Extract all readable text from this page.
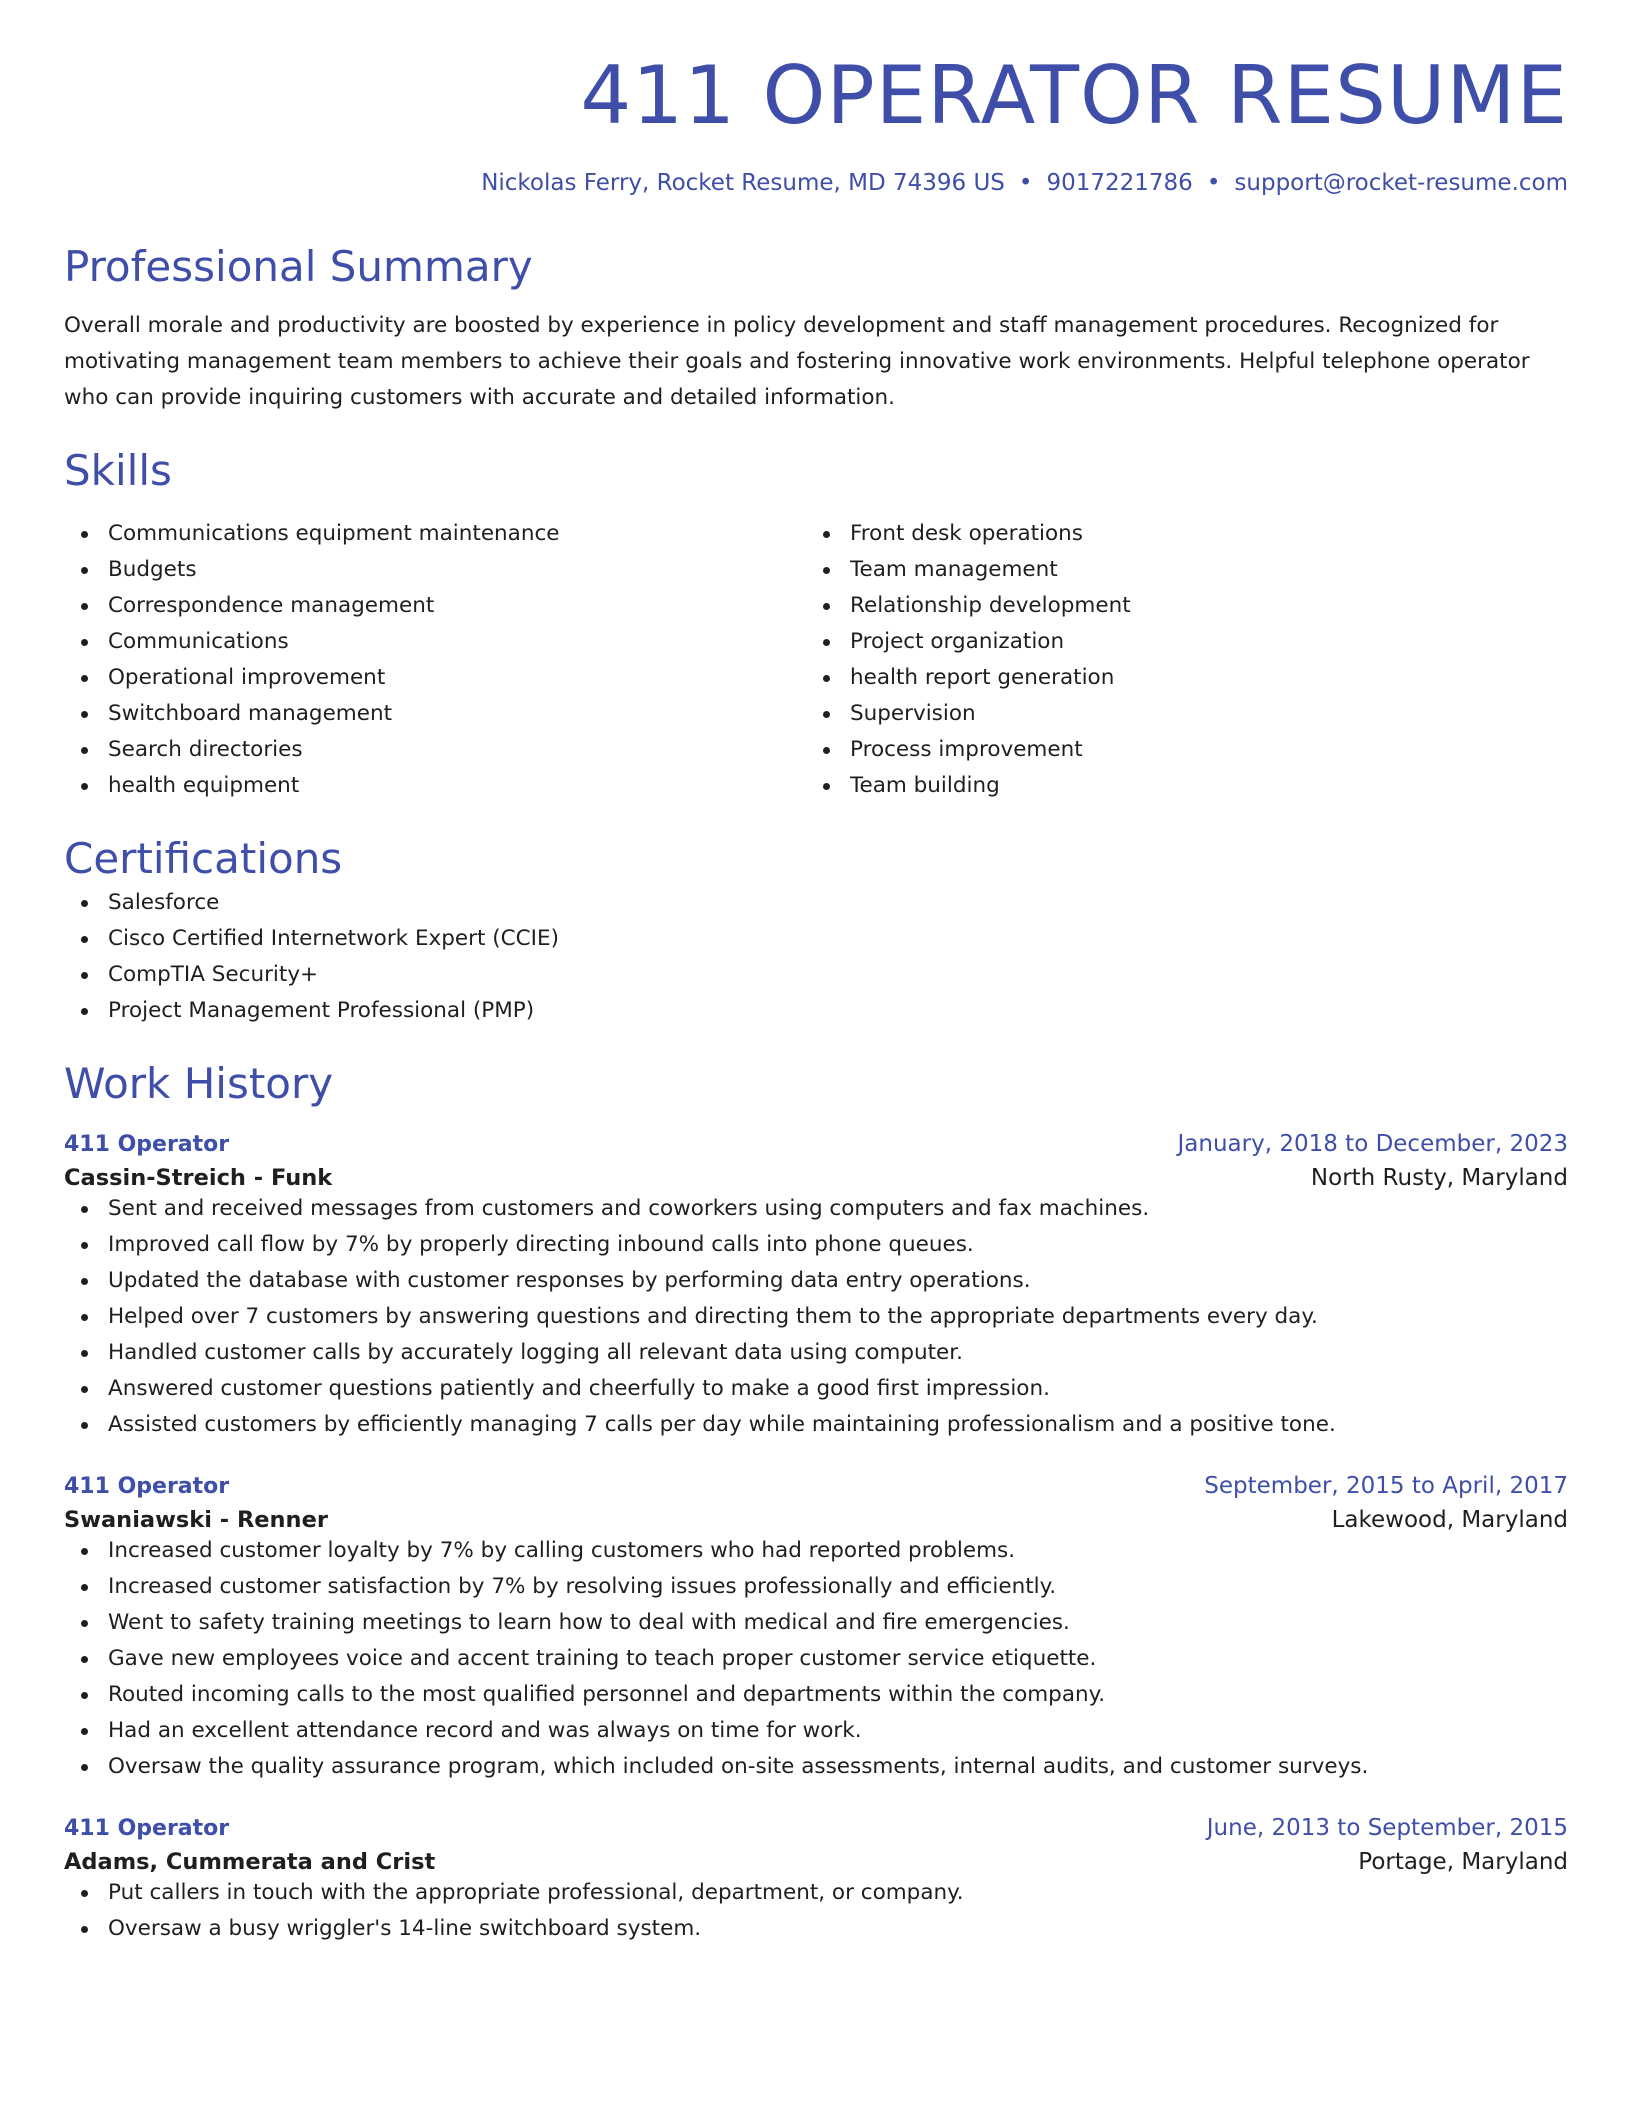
411 OPERATOR RESUME
Nickolas Ferry, Rocket Resume, MD 74396 US • 9017221786 • support@rocket-resume.com
Professional Summary

Overall morale and productivity are boosted by experience in policy development and staff management procedures. Recognized for motivating management team members to achieve their goals and fostering innovative work environments. Helpful telephone operator who can provide inquiring customers with accurate and detailed information.

Skills
Communications equipment maintenance
Budgets
Correspondence management
Communications
Operational improvement
Switchboard management
Search directories
health equipment
Front desk operations
Team management
Relationship development
Project organization
health report generation
Supervision
Process improvement
Team building
Certifications
Salesforce
Cisco Certified Internetwork Expert (CCIE)
CompTIA Security+
Project Management Professional (PMP)
Work History
411 Operator	January, 2018 to December, 2023
Cassin-Streich - Funk	North Rusty, Maryland
Sent and received messages from customers and coworkers using computers and fax machines.
Improved call flow by 7% by properly directing inbound calls into phone queues.
Updated the database with customer responses by performing data entry operations.
Helped over 7 customers by answering questions and directing them to the appropriate departments every day.
Handled customer calls by accurately logging all relevant data using computer.
Answered customer questions patiently and cheerfully to make a good first impression.
Assisted customers by efficiently managing 7 calls per day while maintaining professionalism and a positive tone.
411 Operator	September, 2015 to April, 2017
Swaniawski - Renner	Lakewood, Maryland
Increased customer loyalty by 7% by calling customers who had reported problems.
Increased customer satisfaction by 7% by resolving issues professionally and efficiently.
Went to safety training meetings to learn how to deal with medical and fire emergencies.
Gave new employees voice and accent training to teach proper customer service etiquette.
Routed incoming calls to the most qualified personnel and departments within the company.
Had an excellent attendance record and was always on time for work.
Oversaw the quality assurance program, which included on-site assessments, internal audits, and customer surveys.
411 Operator	June, 2013 to September, 2015
Adams, Cummerata and Crist	Portage, Maryland
Put callers in touch with the appropriate professional, department, or company.
Oversaw a busy wriggler's 14-line switchboard system.
